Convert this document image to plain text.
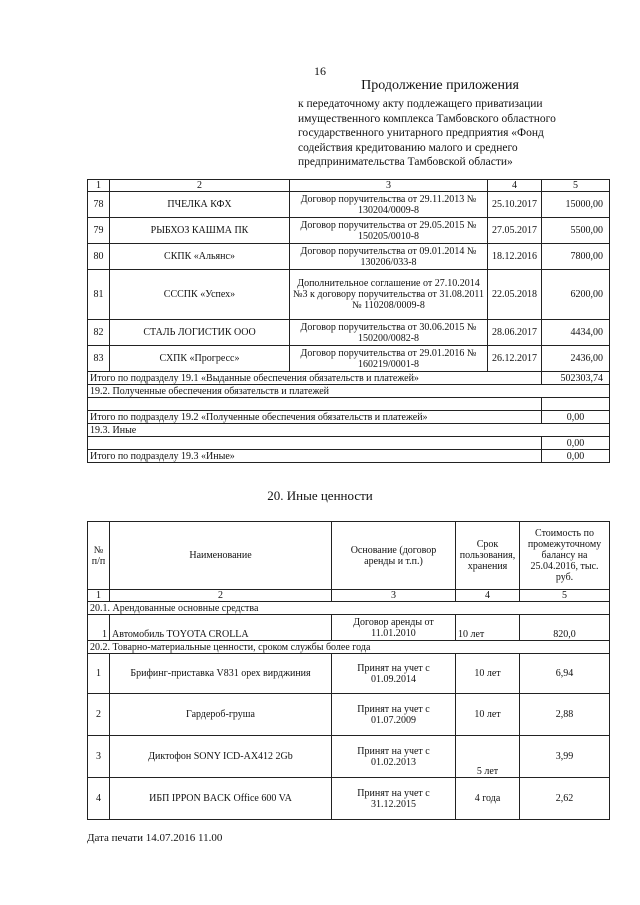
16
Продолжение приложения
к передаточному акту подлежащего приватизации имущественного комплекса Тамбовского областного государственного унитарного предприятия «Фонд содействия кредитованию малого и среднего предпринимательства Тамбовской области»
1	2	3	4	5
78	ПЧЕЛКА КФХ	Договор поручительства от 29.11.2013 № 130204/0009-8	25.10.2017	15000,00
79	РЫБХОЗ КАШМА ПК	Договор поручительства от 29.05.2015 № 150205/0010-8	27.05.2017	5500,00
80	СКПК «Альянс»	Договор поручительства от 09.01.2014 № 130206/033-8	18.12.2016	7800,00
81	СССПК «Успех»	Дополнительное соглашение от 27.10.2014 №3 к договору поручительства от 31.08.2011 № 110208/0009-8	22.05.2018	6200,00
82	СТАЛЬ ЛОГИСТИК ООО	Договор поручительства от 30.06.2015 № 150200/0082-8	28.06.2017	4434,00
83	СХПК «Прогресс»	Договор поручительства от 29.01.2016 № 160219/0001-8	26.12.2017	2436,00
Итого по подразделу 19.1 «Выданные обеспечения обязательств и платежей»				502303,74
19.2. Полученные обеспечения обязательств и платежей				

Итого по подразделу 19.2 «Полученные обеспечения обязательств и платежей»				0,00
19.3. Иные				
				0,00
Итого по подразделу 19.3 «Иные»				0,00
20. Иные ценности
№ п/п	Наименование	Основание (договор аренды и т.п.)	Срок пользования, хранения	Стоимость по промежуточному балансу на 25.04.2016, тыс. руб.
1	2	3	4	5
20.1. Арендованные основные средства				
1	Автомобиль TOYOTA CROLLA	Договор аренды от 11.01.2010	10 лет	820,0
20.2. Товарно-материальные ценности, сроком службы более года				
1	Брифинг-приставка V831 орех вирджиния	Принят на учет с 01.09.2014	10 лет	6,94
2	Гардероб-груша	Принят на учет с 01.07.2009	10 лет	2,88
3	Диктофон SONY ICD-AX412 2Gb	Принят на учет с 01.02.2013	5 лет	3,99
4	ИБП IPPON BACK Office 600 VA	Принят на учет с 31.12.2015	4 года	2,62
Дата печати 14.07.2016 11.00
